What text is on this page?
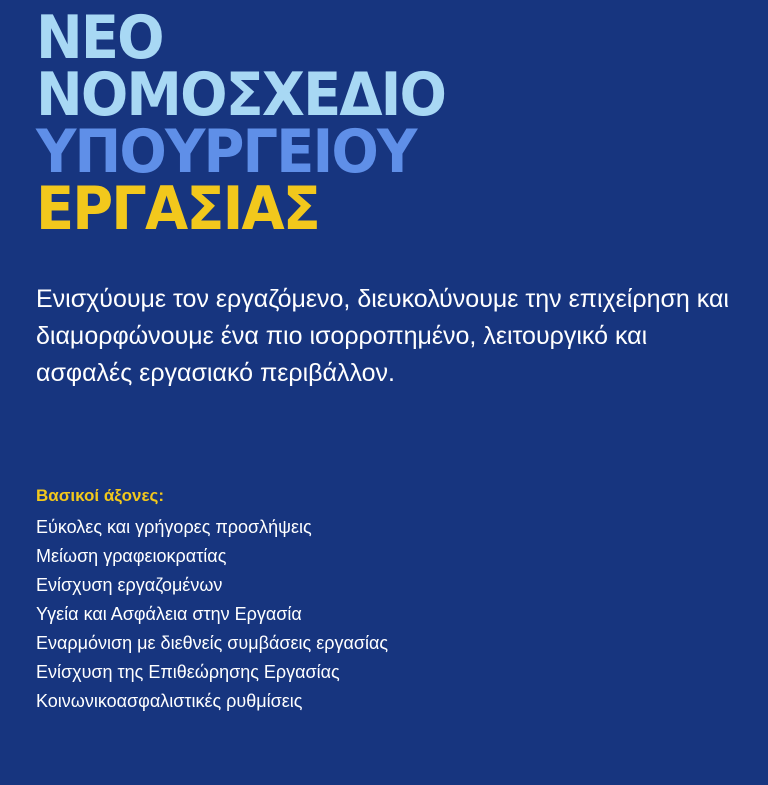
ΝΕΟ
ΝΟΜΟΣΧΕΔΙΟ
ΥΠΟΥΡΓΕΙΟΥ
ΕΡΓΑΣΙΑΣ

Ενισχύουμε τον εργαζόμενο, διευκολύνουμε την επιχείρηση και διαμορφώνουμε ένα πιο ισορροπημένο, λειτουργικό και ασφαλές εργασιακό περιβάλλον.

Βασικοί άξονες:
Εύκολες και γρήγορες προσλήψεις
Μείωση γραφειοκρατίας
Ενίσχυση εργαζομένων
Υγεία και Ασφάλεια στην Εργασία
Εναρμόνιση με διεθνείς συμβάσεις εργασίας
Ενίσχυση της Επιθεώρησης Εργασίας
Κοινωνικοασφαλιστικές ρυθμίσεις
